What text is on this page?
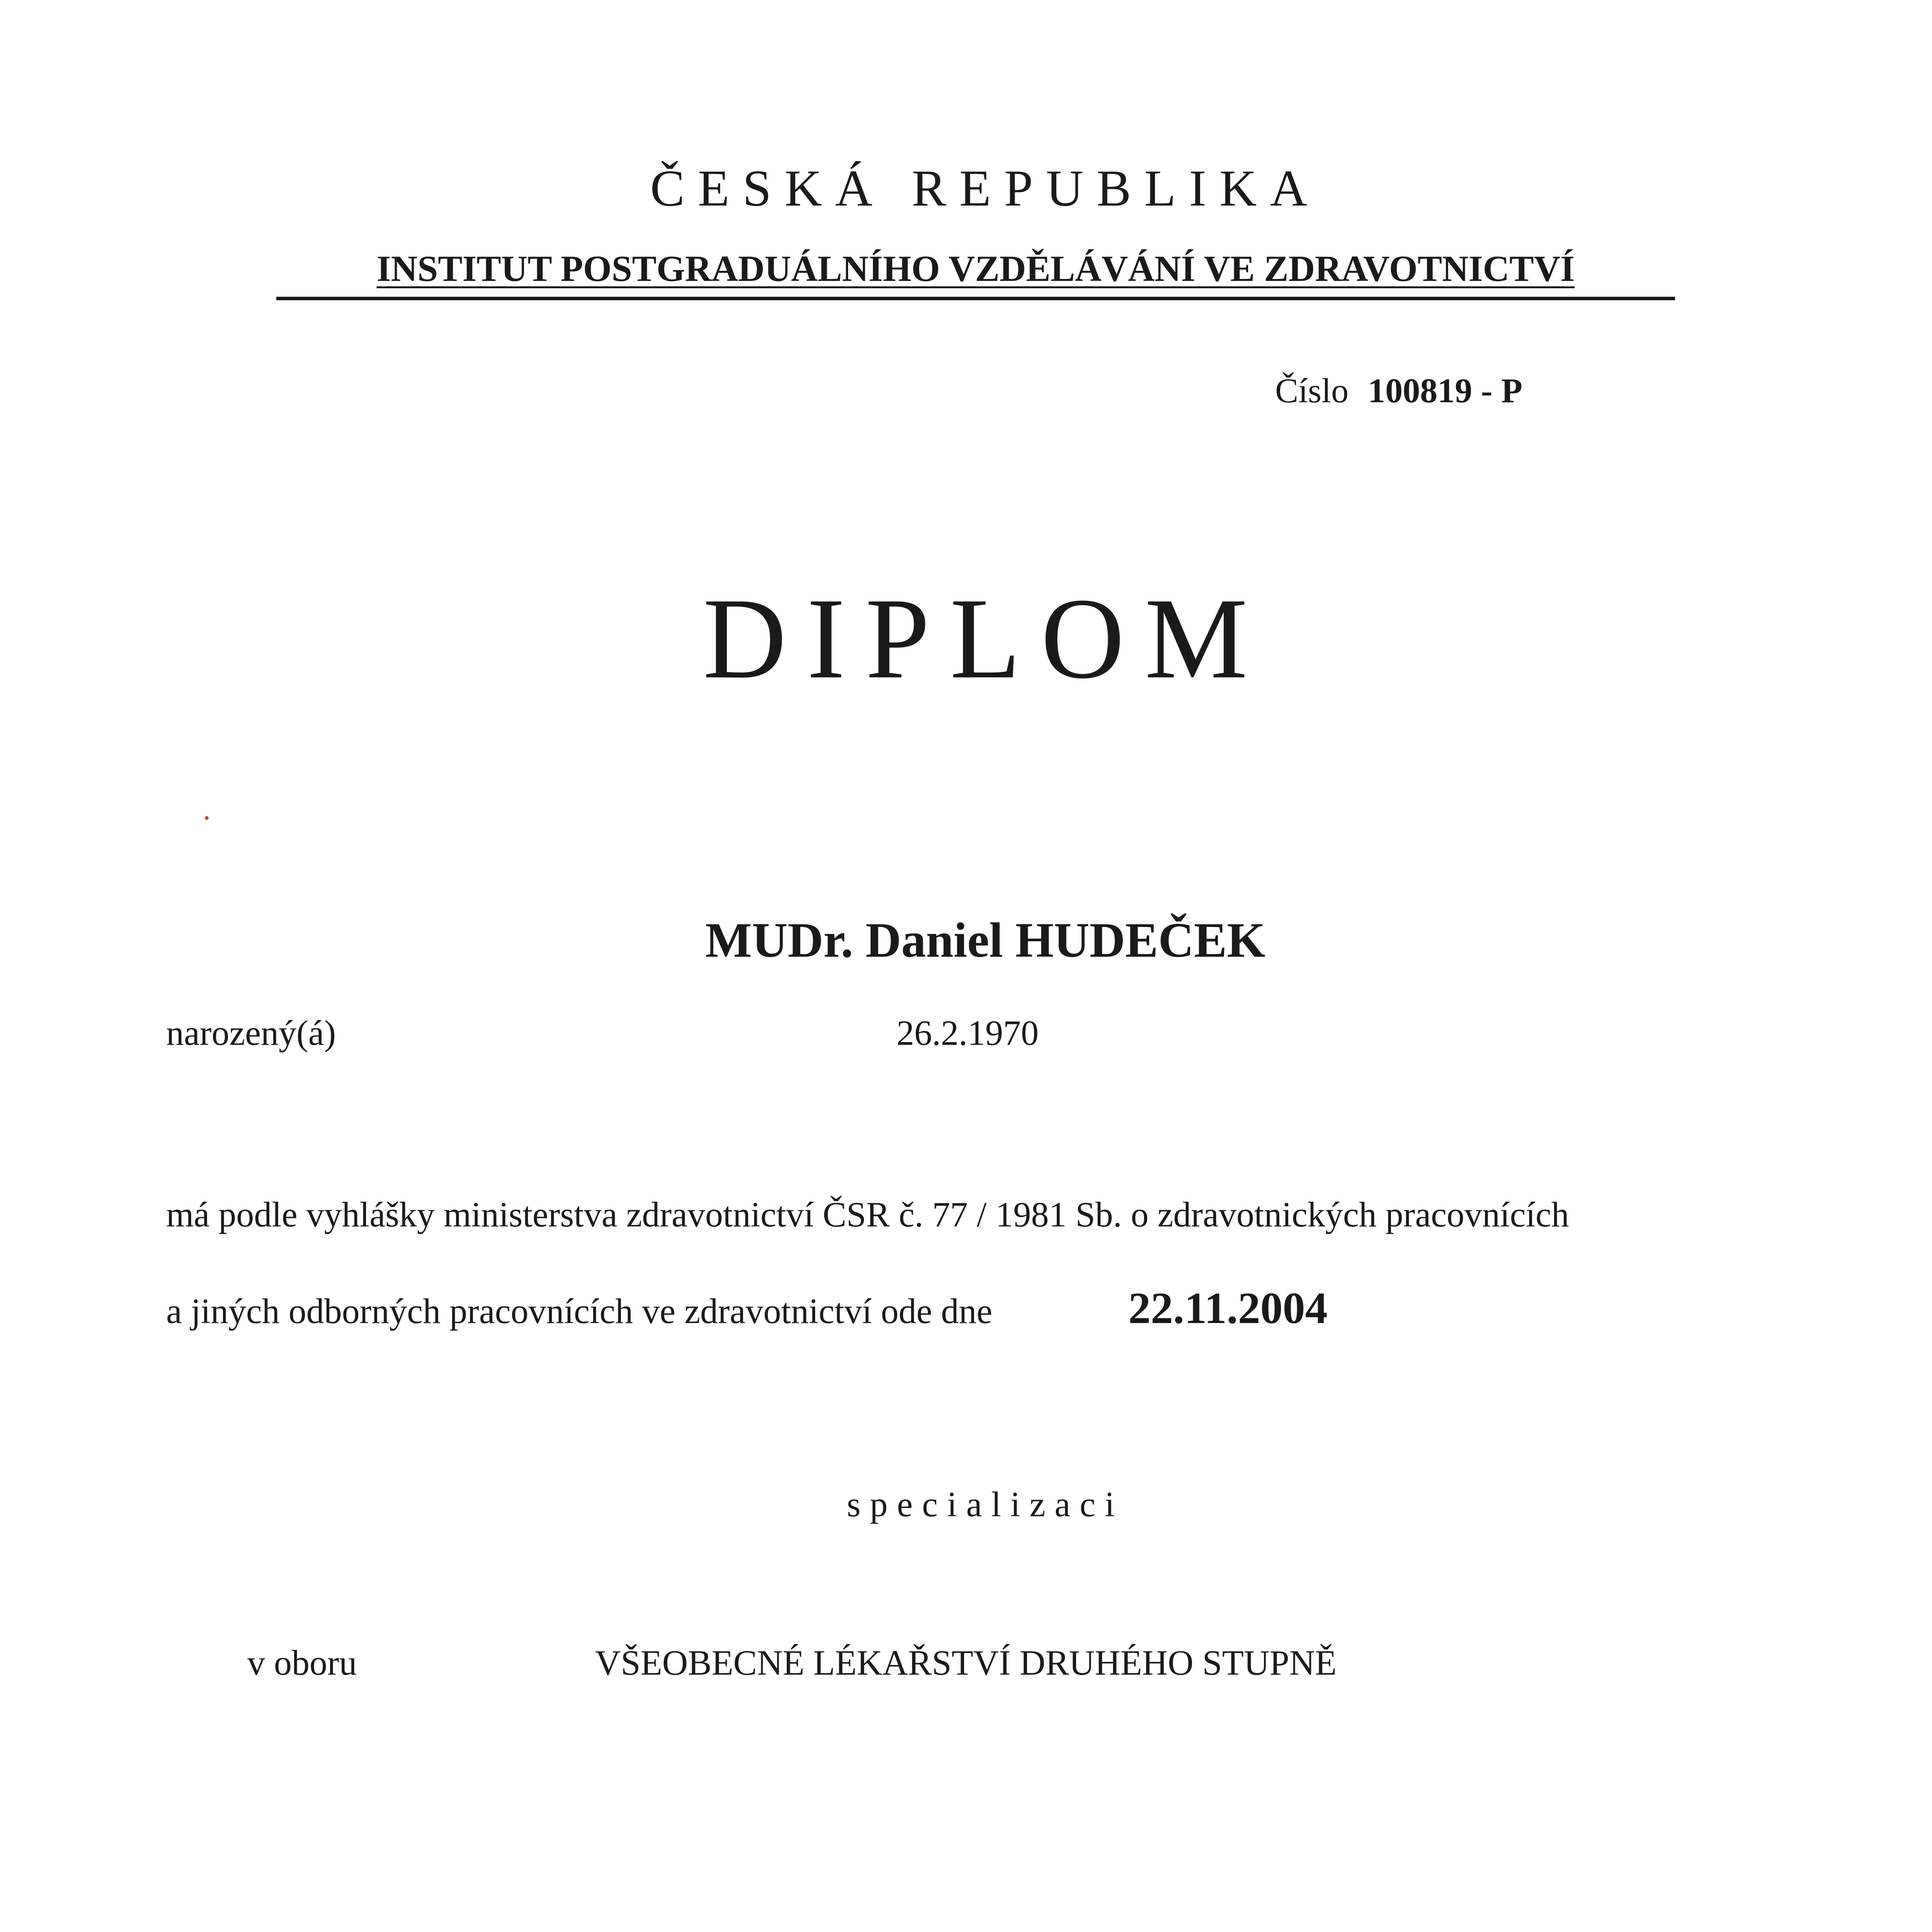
ČESKÁ REPUBLIKA
INSTITUT POSTGRADUÁLNÍHO VZDĚLÁVÁNÍ VE ZDRAVOTNICTVÍ
Číslo 100819 - P
DIPLOM
MUDr. Daniel HUDEČEK
narozený(á)	26.2.1970
má podle vyhlášky ministerstva zdravotnictví ČSR č. 77 / 1981 Sb. o zdravotnických pracovnících
a jiných odborných pracovnících ve zdravotnictví ode dne	22.11.2004
specializaci
v oboru	VŠEOBECNÉ LÉKAŘSTVÍ DRUHÉHO STUPNĚ
